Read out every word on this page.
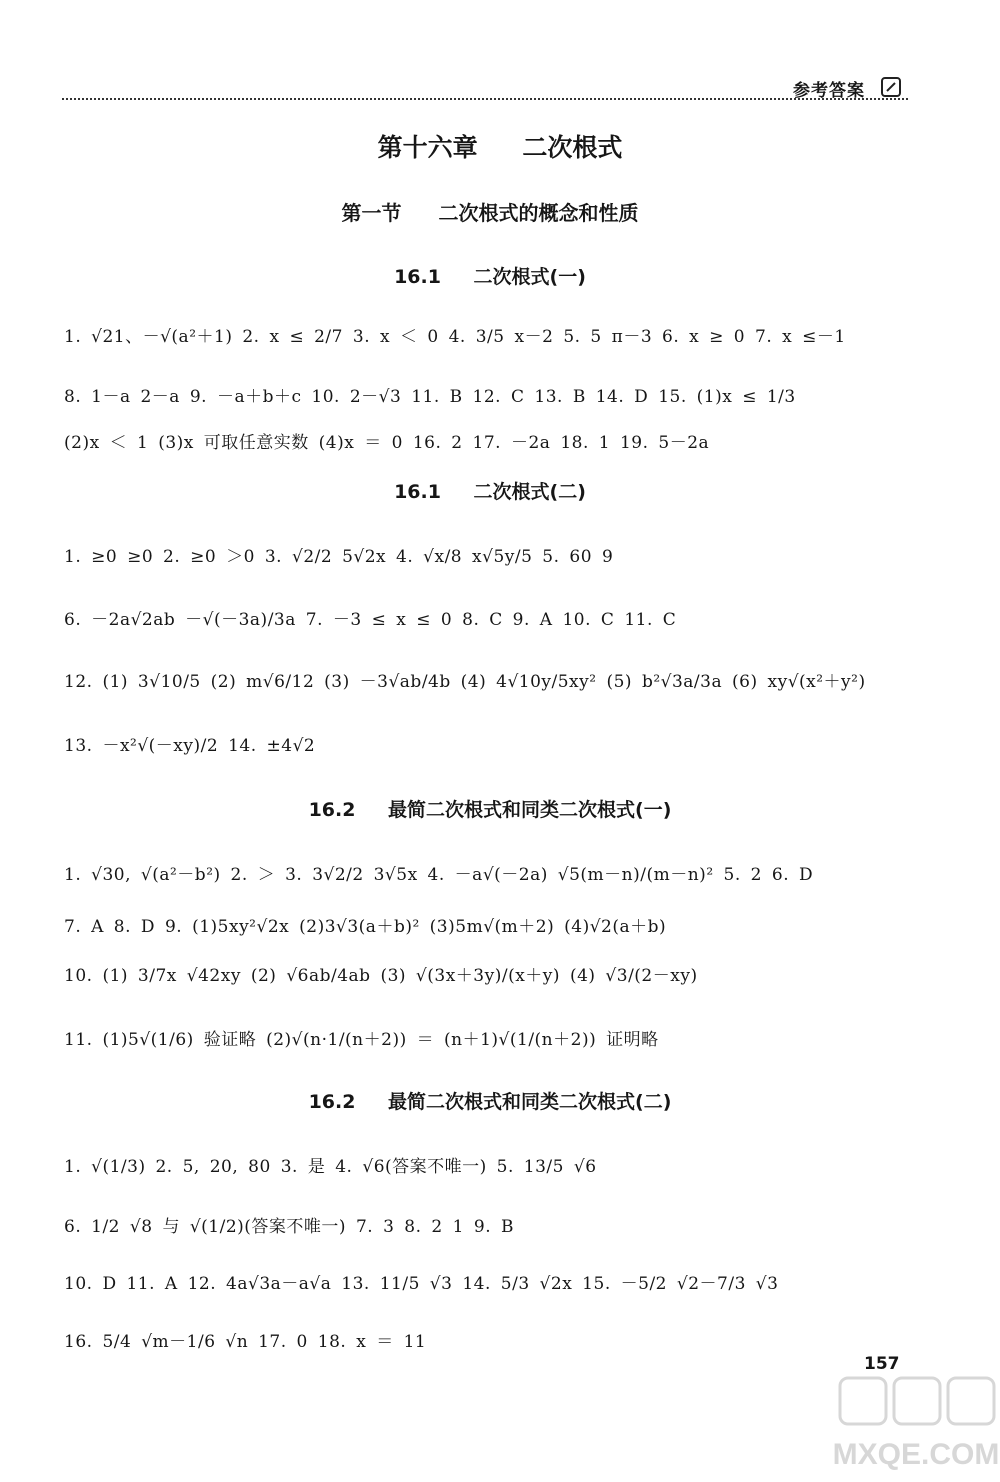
参考答案
第十六章 二次根式
第一节 二次根式的概念和性质
16.1 二次根式(一)
1. √21、－√(a²＋1) 2. x ≤ 2/7 3. x ＜ 0 4. 3/5 x－2 5. 5 π－3 6. x ≥ 0 7. x ≤－1
8. 1－a 2－a 9. －a＋b＋c 10. 2－√3 11. B 12. C 13. B 14. D 15. (1)x ≤ 1/3
(2)x ＜ 1 (3)x 可取任意实数 (4)x ＝ 0 16. 2 17. －2a 18. 1 19. 5－2a
16.1 二次根式(二)
1. ≥0 ≥0 2. ≥0 ＞0 3. √2/2 5√2x 4. √x/8 x√5y/5 5. 60 9
6. －2a√2ab －√(－3a)/3a 7. －3 ≤ x ≤ 0 8. C 9. A 10. C 11. C
12. (1) 3√10/5 (2) m√6/12 (3) －3√ab/4b (4) 4√10y/5xy² (5) b²√3a/3a (6) xy√(x²＋y²)
13. －x²√(－xy)/2 14. ±4√2
16.2 最简二次根式和同类二次根式(一)
1. √30, √(a²－b²) 2. ＞ 3. 3√2/2 3√5x 4. －a√(－2a) √5(m－n)/(m－n)² 5. 2 6. D
7. A 8. D 9. (1)5xy²√2x (2)3√3(a＋b)² (3)5m√(m＋2) (4)√2(a＋b)
10. (1) 3/7x √42xy (2) √6ab/4ab (3) √(3x＋3y)/(x＋y) (4) √3/(2－xy)
11. (1)5√(1/6) 验证略 (2)√(n·1/(n＋2)) ＝ (n＋1)√(1/(n＋2)) 证明略
16.2 最简二次根式和同类二次根式(二)
1. √(1/3) 2. 5, 20, 80 3. 是 4. √6(答案不唯一) 5. 13/5 √6
6. 1/2 √8 与 √(1/2)(答案不唯一) 7. 3 8. 2 1 9. B
10. D 11. A 12. 4a√3a－a√a 13. 11/5 √3 14. 5/3 √2x 15. －5/2 √2－7/3 √3
16. 5/4 √m－1/6 √n 17. 0 18. x ＝ 11
157
MXQE.COM
